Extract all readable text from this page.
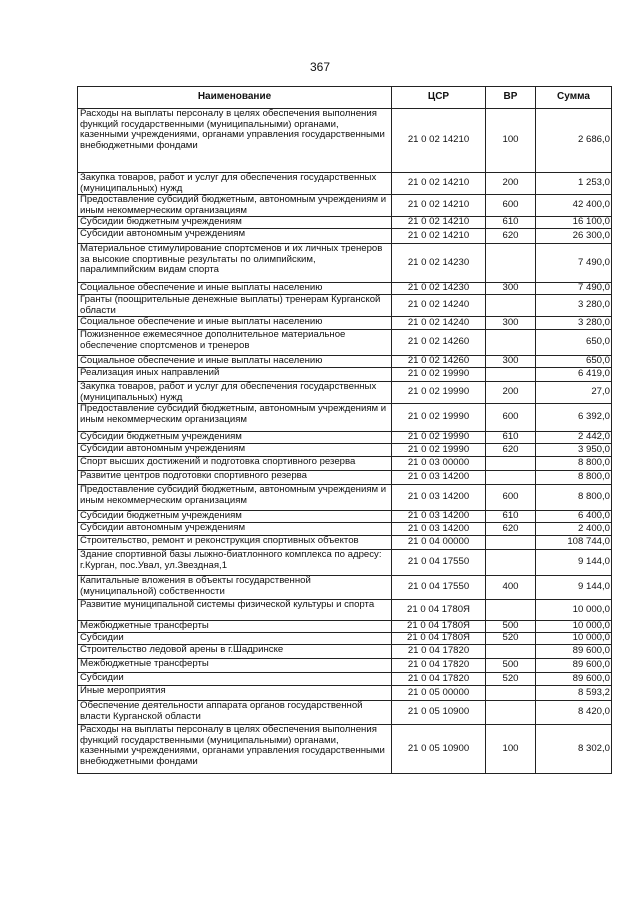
367
Наименование	ЦСР	ВР	Сумма
Расходы на выплаты персоналу в целях обеспечения выполнения функций государственными (муниципальными) органами, казенными учреждениями, органами управления государственными внебюджетными фондами	21 0 02 14210	100	2 686,0
Закупка товаров, работ и услуг для обеспечения государственных (муниципальных) нужд	21 0 02 14210	200	1 253,0
Предоставление субсидий бюджетным, автономным учреждениям и иным некоммерческим организациям	21 0 02 14210	600	42 400,0
Субсидии бюджетным учреждениям	21 0 02 14210	610	16 100,0
Субсидии автономным учреждениям	21 0 02 14210	620	26 300,0
Материальное стимулирование спортсменов и их личных тренеров за высокие спортивные результаты по олимпийским, паралимпийским видам спорта	21 0 02 14230		7 490,0
Социальное обеспечение и иные выплаты населению	21 0 02 14230	300	7 490,0
Гранты (поощрительные денежные выплаты) тренерам Курганской области	21 0 02 14240		3 280,0
Социальное обеспечение и иные выплаты населению	21 0 02 14240	300	3 280,0
Пожизненное ежемесячное дополнительное материальное обеспечение спортсменов и тренеров	21 0 02 14260		650,0
Социальное обеспечение и иные выплаты населению	21 0 02 14260	300	650,0
Реализация иных направлений	21 0 02 19990		6 419,0
Закупка товаров, работ и услуг для обеспечения государственных (муниципальных) нужд	21 0 02 19990	200	27,0
Предоставление субсидий бюджетным, автономным учреждениям и иным некоммерческим организациям	21 0 02 19990	600	6 392,0
Субсидии бюджетным учреждениям	21 0 02 19990	610	2 442,0
Субсидии автономным учреждениям	21 0 02 19990	620	3 950,0
Спорт высших достижений и подготовка спортивного резерва	21 0 03 00000		8 800,0
Развитие центров подготовки спортивного резерва	21 0 03 14200		8 800,0
Предоставление субсидий бюджетным, автономным учреждениям и иным некоммерческим организациям	21 0 03 14200	600	8 800,0
Субсидии бюджетным учреждениям	21 0 03 14200	610	6 400,0
Субсидии автономным учреждениям	21 0 03 14200	620	2 400,0
Строительство, ремонт и реконструкция спортивных объектов	21 0 04 00000		108 744,0
Здание спортивной базы лыжно-биатлонного комплекса по адресу: г.Курган, пос.Увал, ул.Звездная,1	21 0 04 17550		9 144,0
Капитальные вложения в объекты государственной (муниципальной) собственности	21 0 04 17550	400	9 144,0
Развитие муниципальной системы физической культуры и спорта	21 0 04 1780Я		10 000,0
Межбюджетные трансферты	21 0 04 1780Я	500	10 000,0
Субсидии	21 0 04 1780Я	520	10 000,0
Строительство ледовой арены в г.Шадринске	21 0 04 17820		89 600,0
Межбюджетные трансферты	21 0 04 17820	500	89 600,0
Субсидии	21 0 04 17820	520	89 600,0
Иные мероприятия	21 0 05 00000		8 593,2
Обеспечение деятельности аппарата органов государственной власти Курганской области	21 0 05 10900		8 420,0
Расходы на выплаты персоналу в целях обеспечения выполнения функций государственными (муниципальными) органами, казенными учреждениями, органами управления государственными внебюджетными фондами	21 0 05 10900	100	8 302,0
